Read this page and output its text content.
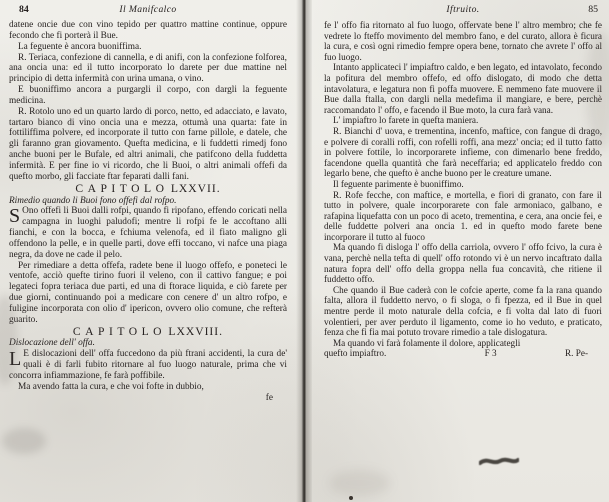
84	Il Manifcalco

datene oncie due con vino tepido per quattro mattine continue, oppure fecondo che fi porterà il Bue.

La feguente è ancora buoniffima.

R. Teriaca, confezione di cannella, e di anifi, con la confezione folforea, ana oncia una: ed il tutto incorporato lo darete per due mattine nel principio di detta infermità con urina umana, o vino.

E buoniffimo ancora a purgargli il corpo, con dargli la feguente medicina.

R. Rotolo uno ed un quarto lardo di porco, netto, ed adacciato, e lavato, tartaro bianco di vino oncia una e mezza, ottumà una quarta: fate in fottiliffima polvere, ed incorporate il tutto con farne pillole, e datele, che gli faranno gran giovamento. Quefta medicina, e li fuddetti rimedj fono anche buoni per le Bufale, ed altri animali, che patifcono della fuddetta infermità. E per fine io vi ricordo, che li Buoi, o altri animali offefi da quefto morbo, gli facciate ftar feparati dalli fani.

CAPITOLO LXXVII.

Rimedio quando li Buoi fono offefi dal rofpo.

S Ono offefi li Buoi dalli rofpi, quando fi ripofano, effendo coricati nella campagna in luoghi paludofi; mentre li rofpi fe le accoftano alli fianchi, e con la bocca, e fchiuma velenofa, ed il fiato maligno gli offendono la pelle, e in quelle parti, dove effi toccano, vi nafce una piaga negra, da dove ne cade il pelo.

Per rimediare a detta offefa, radete bene il luogo offefo, e poneteci le ventofe, acciò quefte tirino fuori il veleno, con il cattivo fangue; e poi legateci fopra teriaca due parti, ed una di ftorace liquida, e ciò farete per due giorni, continuando poi a medicare con cenere d' un altro rofpo, e fuligine incorporata con olio d' ipericon, ovvero olio comune, che refterà guarito.

CAPITOLO LXXVIII.

Dislocazione dell' offa.

L E dislocazioni dell' offa fuccedono da più ftrani accidenti, la cura de' quali è di farli fubito ritornare al fuo luogo naturale, prima che vi concorra infiammazione, fe farà poffibile.

Ma avendo fatta la cura, e che voi fofte in dubbio,

fe
Iftruito.	85

fe l' offo fia ritornato al fuo luogo, offervate bene l' altro membro; che fe vedrete lo fteffo movimento del membro fano, e del curato, allora è ficura la cura, e così ogni rimedio fempre opera bene, tornato che avrete l' offo al fuo luogo.

Intanto applicateci l' impiaftro caldo, e ben legato, ed intavolato, fecondo la pofitura del membro offefo, ed offo dislogato, di modo che detta intavolatura, e legatura non fi poffa muovere. E nemmeno fate muovere il Bue dalla ftalla, con dargli nella medefima il mangiare, e bere, perchè raccomandato l' offo, e facendo il Bue moto, la cura farà vana.

L' impiaftro lo farete in quefta maniera.

R. Bianchi d' uova, e trementina, incenfo, maftice, con fangue di drago, e polvere di coralli roffi, con rofelli roffi, ana mezz' oncia; ed il tutto fatto in polvere fottile, lo incorporarete infieme, con dimenarlo bene freddo, facendone quella quantità che farà neceffaria; ed applicatelo freddo con legarlo bene, che quefto è anche buono per le creature umane.

Il feguente parimente è buoniffimo.

R. Rofe fecche, con maftice, e mortella, e fiori di granato, con fare il tutto in polvere, quale incorporarete con fale armoniaco, galbano, e rafapina liquefatta con un poco di aceto, trementina, e cera, ana oncie fei, e delle fuddette polveri ana oncia 1. ed in quefto modo farete bene incorporare il tutto al fuoco

Ma quando fi disloga l' offo della carriola, ovvero l' offo fcivo, la cura è vana, perchè nella tefta di quell' offo rotondo vi è un nervo incaftrato dalla natura fopra dell' offo della groppa nella fua concavità, che ritiene il fuddetto offo.

Che quando il Bue caderà con le cofcie aperte, come fa la rana quando falta, allora il fuddetto nervo, o fi sloga, o fi fpezza, ed il Bue in quel mentre perde il moto naturale della cofcia, e fi volta dal lato di fuori volentieri, per aver perduto il ligamento, come io ho veduto, e praticato, fenza che fi fia mai potuto trovare rimedio a tale dislogatura.

Ma quando vi farà folamente il dolore, applicategli

quefto impiaftro.	F 3	R. Pe-
